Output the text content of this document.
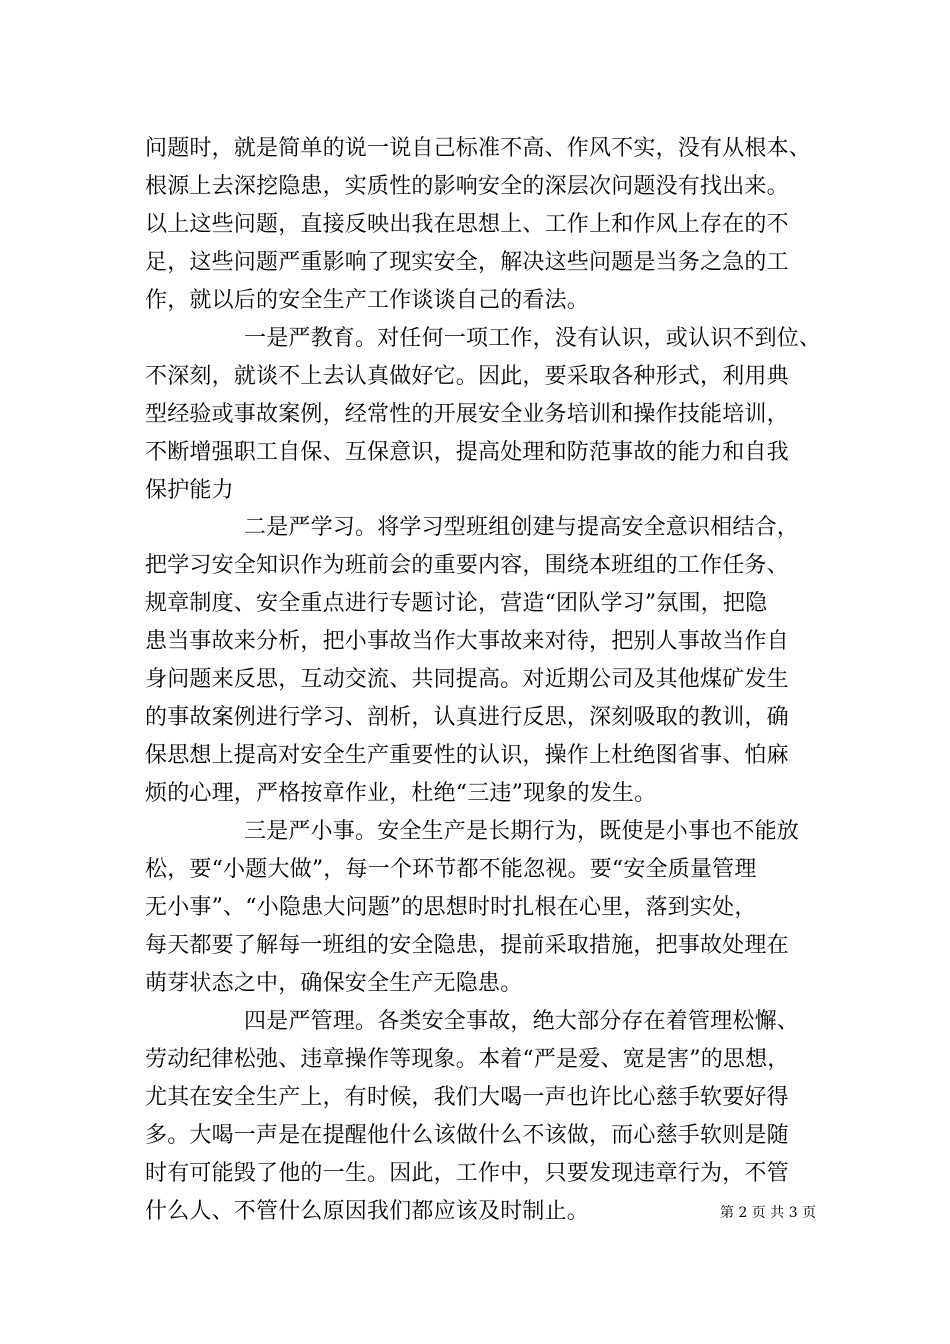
问题时，就是简单的说一说自己标准不高、作风不实，没有从根本、
根源上去深挖隐患，实质性的影响安全的深层次问题没有找出来。
以上这些问题，直接反映出我在思想上、工作上和作风上存在的不
足，这些问题严重影响了现实安全，解决这些问题是当务之急的工
作，就以后的安全生产工作谈谈自己的看法。
一是严教育。对任何一项工作，没有认识，或认识不到位、
不深刻，就谈不上去认真做好它。因此，要采取各种形式，利用典
型经验或事故案例，经常性的开展安全业务培训和操作技能培训，
不断增强职工自保、互保意识，提高处理和防范事故的能力和自我
保护能力
二是严学习。将学习型班组创建与提高安全意识相结合，
把学习安全知识作为班前会的重要内容，围绕本班组的工作任务、
规章制度、安全重点进行专题讨论，营造“团队学习”氛围，把隐
患当事故来分析，把小事故当作大事故来对待，把别人事故当作自
身问题来反思，互动交流、共同提高。对近期公司及其他煤矿发生
的事故案例进行学习、剖析，认真进行反思，深刻吸取的教训，确
保思想上提高对安全生产重要性的认识，操作上杜绝图省事、怕麻
烦的心理，严格按章作业，杜绝“三违”现象的发生。
三是严小事。安全生产是长期行为，既使是小事也不能放
松，要“小题大做”，每一个环节都不能忽视。要“安全质量管理
无小事”、“小隐患大问题”的思想时时扎根在心里，落到实处，
每天都要了解每一班组的安全隐患，提前采取措施，把事故处理在
萌芽状态之中，确保安全生产无隐患。
四是严管理。各类安全事故，绝大部分存在着管理松懈、
劳动纪律松弛、违章操作等现象。本着“严是爱、宽是害”的思想，
尤其在安全生产上，有时候，我们大喝一声也许比心慈手软要好得
多。大喝一声是在提醒他什么该做什么不该做，而心慈手软则是随
时有可能毁了他的一生。因此，工作中，只要发现违章行为，不管
什么人、不管什么原因我们都应该及时制止。	第 2 页 共 3 页
